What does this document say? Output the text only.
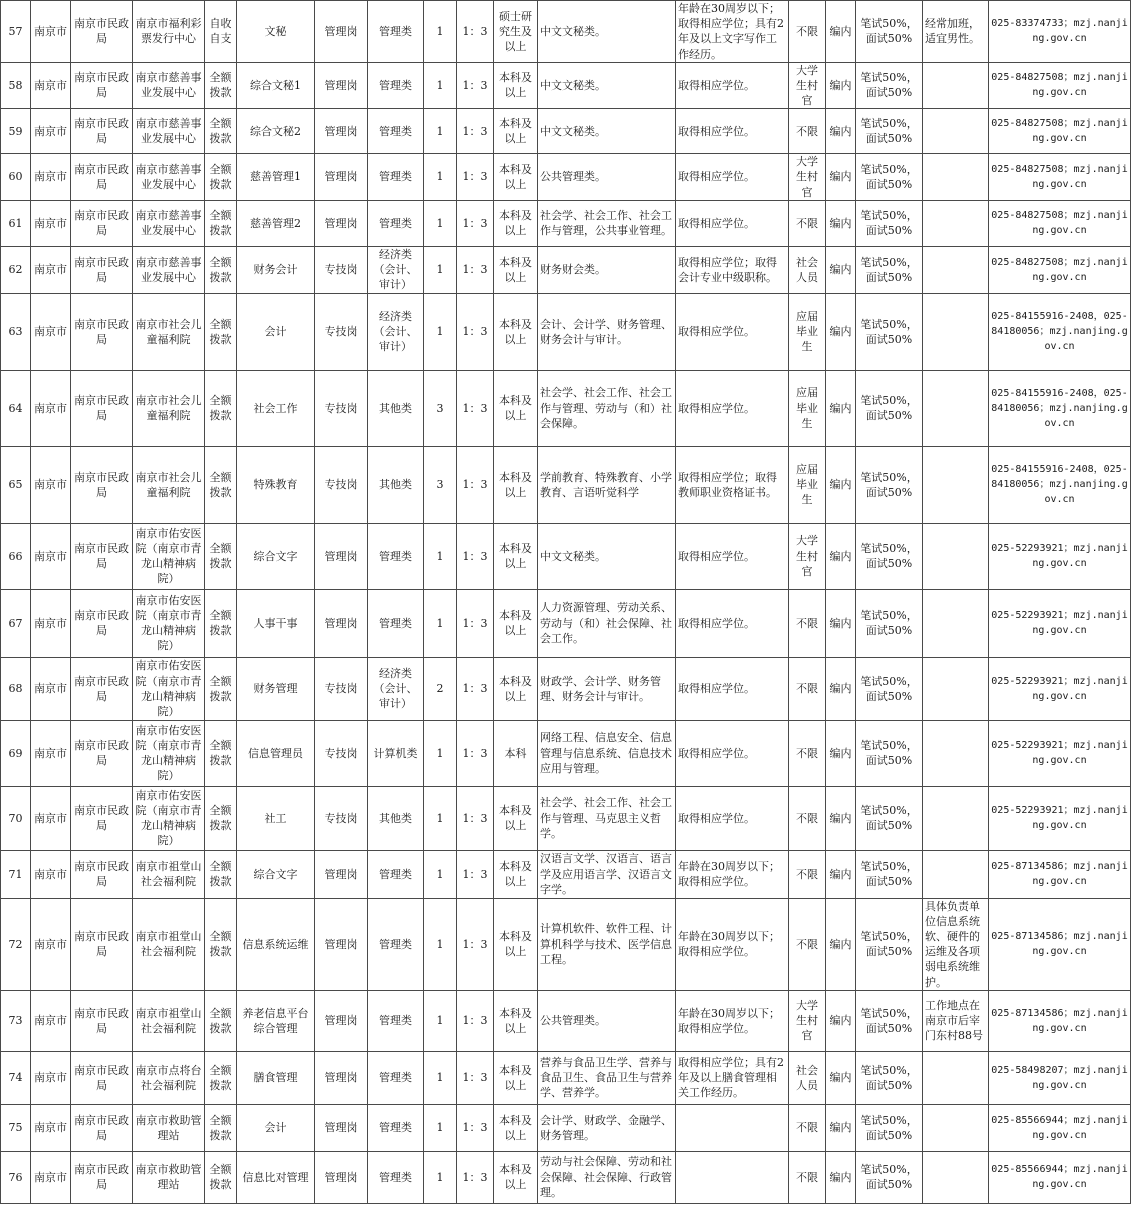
57	南京市	南京市民政局	南京市福利彩票发行中心	自收自支	文秘	管理岗	管理类	1	1：3	硕士研究生及以上	中文文秘类。	年龄在30周岁以下；取得相应学位；具有2年及以上文字写作工作经历。	不限	编内	笔试50%，面试50%	经常加班，适宜男性。	025-83374733；mzj.nanjing.gov.cn
58	南京市	南京市民政局	南京市慈善事业发展中心	全额拨款	综合文秘1	管理岗	管理类	1	1：3	本科及以上	中文文秘类。	取得相应学位。	大学生村官	编内	笔试50%，面试50%		025-84827508；mzj.nanjing.gov.cn
59	南京市	南京市民政局	南京市慈善事业发展中心	全额拨款	综合文秘2	管理岗	管理类	1	1：3	本科及以上	中文文秘类。	取得相应学位。	不限	编内	笔试50%，面试50%		025-84827508；mzj.nanjing.gov.cn
60	南京市	南京市民政局	南京市慈善事业发展中心	全额拨款	慈善管理1	管理岗	管理类	1	1：3	本科及以上	公共管理类。	取得相应学位。	大学生村官	编内	笔试50%，面试50%		025-84827508；mzj.nanjing.gov.cn
61	南京市	南京市民政局	南京市慈善事业发展中心	全额拨款	慈善管理2	管理岗	管理类	1	1：3	本科及以上	社会学、社会工作、社会工作与管理，公共事业管理。	取得相应学位。	不限	编内	笔试50%，面试50%		025-84827508；mzj.nanjing.gov.cn
62	南京市	南京市民政局	南京市慈善事业发展中心	全额拨款	财务会计	专技岗	经济类（会计、审计）	1	1：3	本科及以上	财务财会类。	取得相应学位；取得会计专业中级职称。	社会人员	编内	笔试50%，面试50%		025-84827508；mzj.nanjing.gov.cn
63	南京市	南京市民政局	南京市社会儿童福利院	全额拨款	会计	专技岗	经济类（会计、审计）	1	1：3	本科及以上	会计、会计学、财务管理、财务会计与审计。	取得相应学位。	应届毕业生	编内	笔试50%，面试50%		025-84155916-2408，025-84180056；mzj.nanjing.gov.cn
64	南京市	南京市民政局	南京市社会儿童福利院	全额拨款	社会工作	专技岗	其他类	3	1：3	本科及以上	社会学、社会工作、社会工作与管理、劳动与（和）社会保障。	取得相应学位。	应届毕业生	编内	笔试50%，面试50%		025-84155916-2408，025-84180056；mzj.nanjing.gov.cn
65	南京市	南京市民政局	南京市社会儿童福利院	全额拨款	特殊教育	专技岗	其他类	3	1：3	本科及以上	学前教育、特殊教育、小学教育、言语听觉科学	取得相应学位；取得教师职业资格证书。	应届毕业生	编内	笔试50%，面试50%		025-84155916-2408，025-84180056；mzj.nanjing.gov.cn
66	南京市	南京市民政局	南京市佑安医院（南京市青龙山精神病院）	全额拨款	综合文字	管理岗	管理类	1	1：3	本科及以上	中文文秘类。	取得相应学位。	大学生村官	编内	笔试50%，面试50%		025-52293921；mzj.nanjing.gov.cn
67	南京市	南京市民政局	南京市佑安医院（南京市青龙山精神病院）	全额拨款	人事干事	管理岗	管理类	1	1：3	本科及以上	人力资源管理、劳动关系、劳动与（和）社会保障、社会工作。	取得相应学位。	不限	编内	笔试50%，面试50%		025-52293921；mzj.nanjing.gov.cn
68	南京市	南京市民政局	南京市佑安医院（南京市青龙山精神病院）	全额拨款	财务管理	专技岗	经济类（会计、审计）	2	1：3	本科及以上	财政学、会计学、财务管理、财务会计与审计。	取得相应学位。	不限	编内	笔试50%，面试50%		025-52293921；mzj.nanjing.gov.cn
69	南京市	南京市民政局	南京市佑安医院（南京市青龙山精神病院）	全额拨款	信息管理员	专技岗	计算机类	1	1：3	本科	网络工程、信息安全、信息管理与信息系统、信息技术应用与管理。	取得相应学位。	不限	编内	笔试50%，面试50%		025-52293921；mzj.nanjing.gov.cn
70	南京市	南京市民政局	南京市佑安医院（南京市青龙山精神病院）	全额拨款	社工	专技岗	其他类	1	1：3	本科及以上	社会学、社会工作、社会工作与管理、马克思主义哲学。	取得相应学位。	不限	编内	笔试50%，面试50%		025-52293921；mzj.nanjing.gov.cn
71	南京市	南京市民政局	南京市祖堂山社会福利院	全额拨款	综合文字	管理岗	管理类	1	1：3	本科及以上	汉语言文学、汉语言、语言学及应用语言学、汉语言文字学。	年龄在30周岁以下；取得相应学位。	不限	编内	笔试50%，面试50%		025-87134586；mzj.nanjing.gov.cn
72	南京市	南京市民政局	南京市祖堂山社会福利院	全额拨款	信息系统运维	管理岗	管理类	1	1：3	本科及以上	计算机软件、软件工程、计算机科学与技术、医学信息工程。	年龄在30周岁以下；取得相应学位。	不限	编内	笔试50%，面试50%	具体负责单位信息系统软、硬件的运维及各项弱电系统维护。	025-87134586；mzj.nanjing.gov.cn
73	南京市	南京市民政局	南京市祖堂山社会福利院	全额拨款	养老信息平台综合管理	管理岗	管理类	1	1：3	本科及以上	公共管理类。	年龄在30周岁以下；取得相应学位。	大学生村官	编内	笔试50%，面试50%	工作地点在南京市后宰门东村88号	025-87134586；mzj.nanjing.gov.cn
74	南京市	南京市民政局	南京市点将台社会福利院	全额拨款	膳食管理	管理岗	管理类	1	1：3	本科及以上	营养与食品卫生学、营养与食品卫生、食品卫生与营养学、营养学。	取得相应学位；具有2年及以上膳食管理相关工作经历。	社会人员	编内	笔试50%，面试50%		025-58498207；mzj.nanjing.gov.cn
75	南京市	南京市民政局	南京市救助管理站	全额拨款	会计	管理岗	管理类	1	1：3	本科及以上	会计学、财政学、金融学、财务管理。		不限	编内	笔试50%，面试50%		025-85566944；mzj.nanjing.gov.cn
76	南京市	南京市民政局	南京市救助管理站	全额拨款	信息比对管理	管理岗	管理类	1	1：3	本科及以上	劳动与社会保障、劳动和社会保障、社会保障、行政管理。		不限	编内	笔试50%，面试50%		025-85566944；mzj.nanjing.gov.cn
